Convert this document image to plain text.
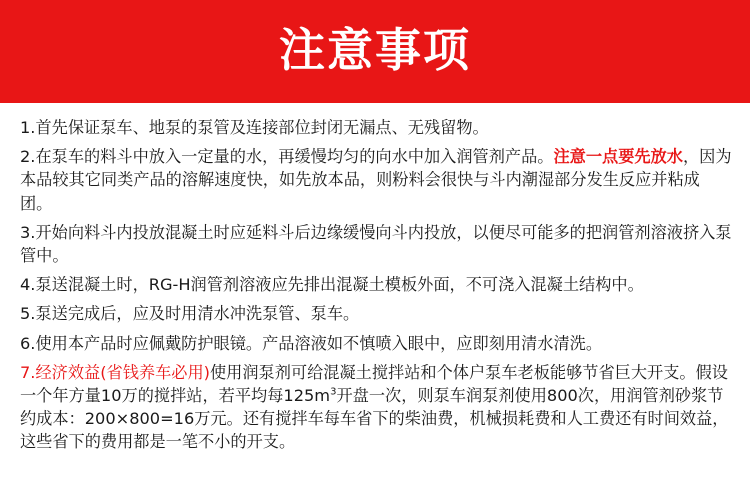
注意事项

1.首先保证泵车、地泵的泵管及连接部位封闭无漏点、无残留物。

2.在泵车的料斗中放入一定量的水，再缓慢均匀的向水中加入润管剂产品。注意一点要先放水，因为本品较其它同类产品的溶解速度快，如先放本品，则粉料会很快与斗内潮湿部分发生反应并粘成团。

3.开始向料斗内投放混凝土时应延料斗后边缘缓慢向斗内投放，以便尽可能多的把润管剂溶液挤入泵管中。

4.泵送混凝土时，RG-H润管剂溶液应先排出混凝土模板外面，不可浇入混凝土结构中。

5.泵送完成后，应及时用清水冲洗泵管、泵车。

6.使用本产品时应佩戴防护眼镜。产品溶液如不慎喷入眼中，应即刻用清水清洗。

7.经济效益(省钱养车必用)使用润泵剂可给混凝土搅拌站和个体户泵车老板能够节省巨大开支。假设一个年方量10万的搅拌站，若平均每$125m^3$开盘一次，则泵车润泵剂使用800次，用润管剂砂浆节约成本：200×800=16万元。还有搅拌车每车省下的柴油费，机械损耗费和人工费还有时间效益，这些省下的费用都是一笔不小的开支。
